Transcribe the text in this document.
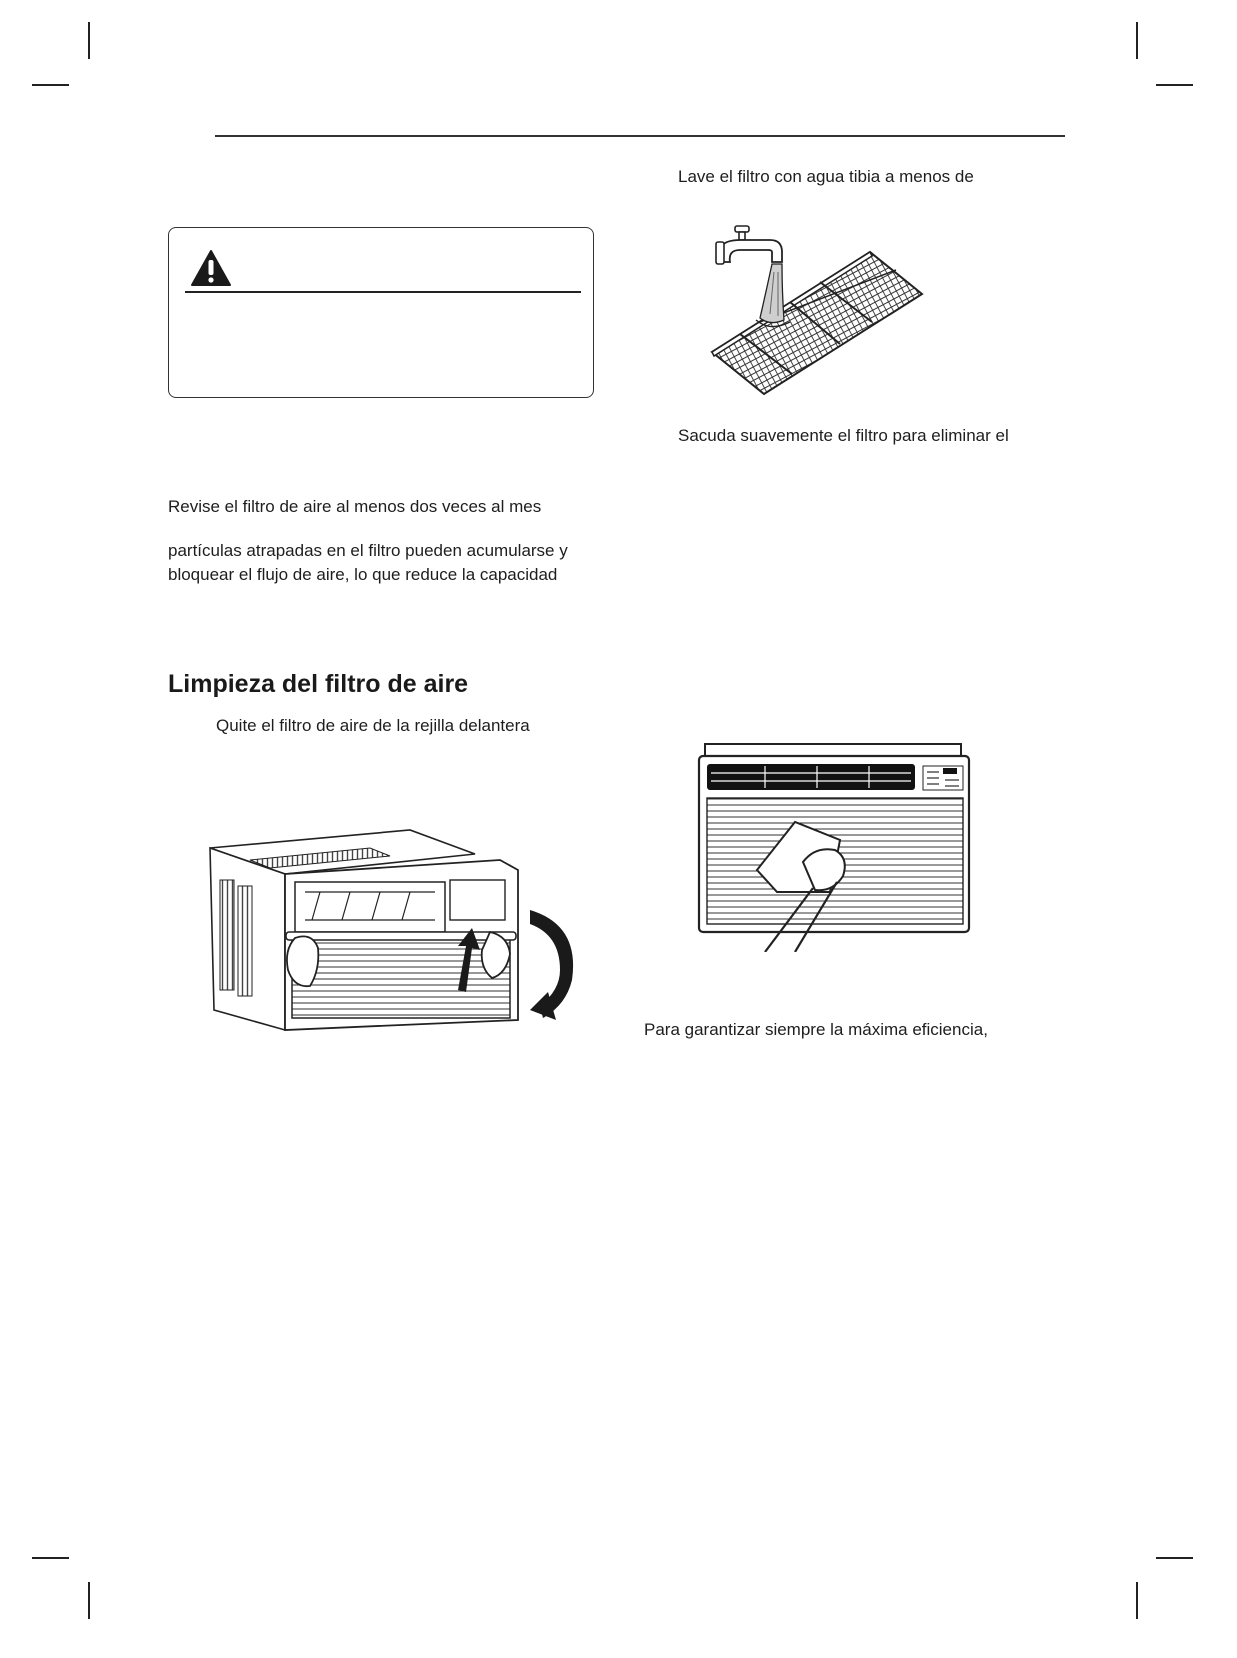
Revise el filtro de aire al menos dos veces al mes
partículas atrapadas en el filtro pueden acumularse y
bloquear el flujo de aire, lo que reduce la capacidad
Limpieza del filtro de aire
Quite el filtro de aire de la rejilla delantera
Lave el filtro con agua tibia a menos de
Sacuda suavemente el filtro para eliminar el
Para garantizar siempre la máxima eficiencia,
